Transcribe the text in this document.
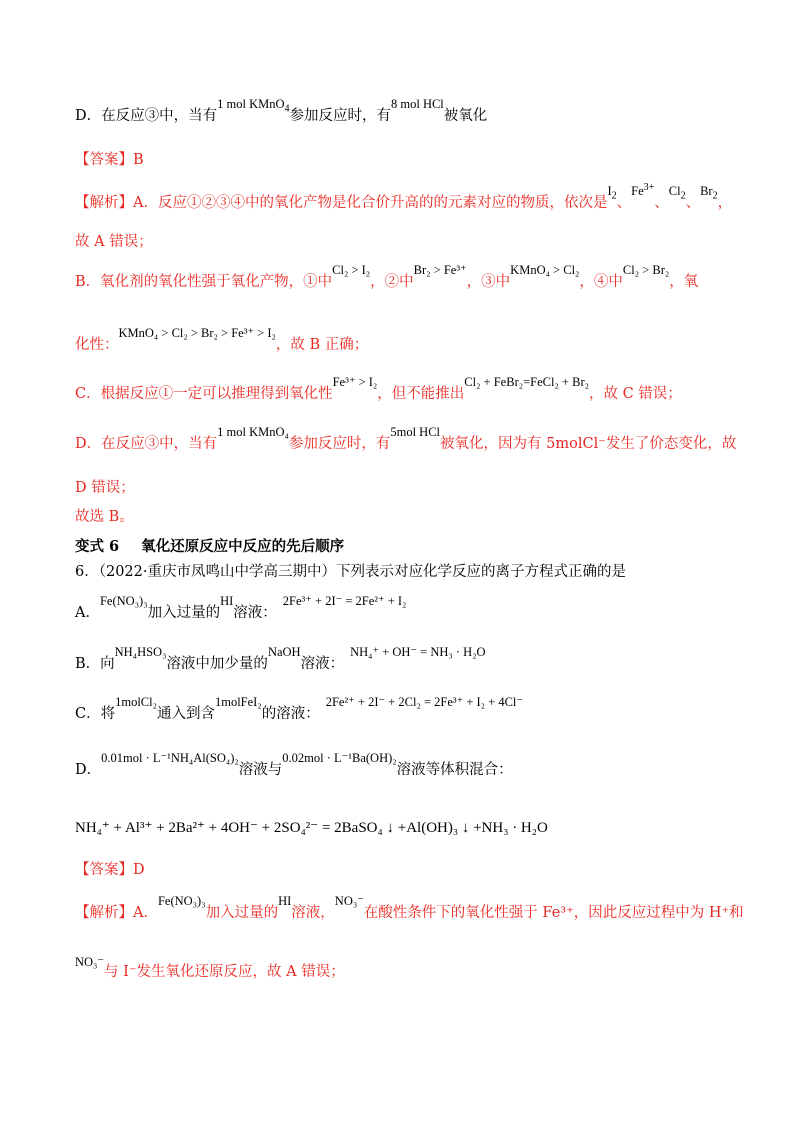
D．在反应③中，当有1 mol KMnO$_4$参加反应时，有8 mol HCl被氧化
【答案】B
【解析】A．反应①②③④中的氧化产物是化合价升高的的元素对应的物质，依次是$I_2$、$Fe^{3+}$、$Cl_2$、$Br_2$，
故 A 错误；
B．氧化剂的氧化性强于氧化产物，①中Cl₂ > I₂，②中Br₂ > Fe³⁺，③中KMnO₄ > Cl₂，④中Cl₂ > Br₂，氧
化性：KMnO₄ > Cl₂ > Br₂ > Fe³⁺ > I₂，故 B 正确；
C．根据反应①一定可以推理得到氧化性Fe³⁺ > I₂，但不能推出Cl₂ + FeBr₂=FeCl₂ + Br₂，故 C 错误；
D．在反应③中，当有1 mol KMnO₄参加反应时，有5mol HCl被氧化，因为有 5molCl⁻发生了价态变化，故
D 错误；
故选 B。
变式 6 氧化还原反应中反应的先后顺序
6．（2022·重庆市凤鸣山中学高三期中）下列表示对应化学反应的离子方程式正确的是
A．Fe(NO₃)₃加入过量的HI溶液：2Fe³⁺ + 2I⁻ = 2Fe²⁺ + I₂
B．向NH₄HSO₃溶液中加少量的NaOH溶液：NH₄⁺ + OH⁻ = NH₃ · H₂O
C．将1molCl₂通入到含1molFeI₂的溶液：2Fe²⁺ + 2I⁻ + 2Cl₂ = 2Fe³⁺ + I₂ + 4Cl⁻
D．0.01mol · L⁻¹NH₄Al(SO₄)₂溶液与0.02mol · L⁻¹Ba(OH)₂溶液等体积混合：
NH₄⁺ + Al³⁺ + 2Ba²⁺ + 4OH⁻ + 2SO₄²⁻ = 2BaSO₄ ↓ +Al(OH)₃ ↓ +NH₃ · H₂O
【答案】D
【解析】A．Fe(NO₃)₃加入过量的HI溶液，NO₃⁻在酸性条件下的氧化性强于 Fe³⁺，因此反应过程中为 H⁺和
NO₃⁻与 I⁻发生氧化还原反应，故 A 错误；
